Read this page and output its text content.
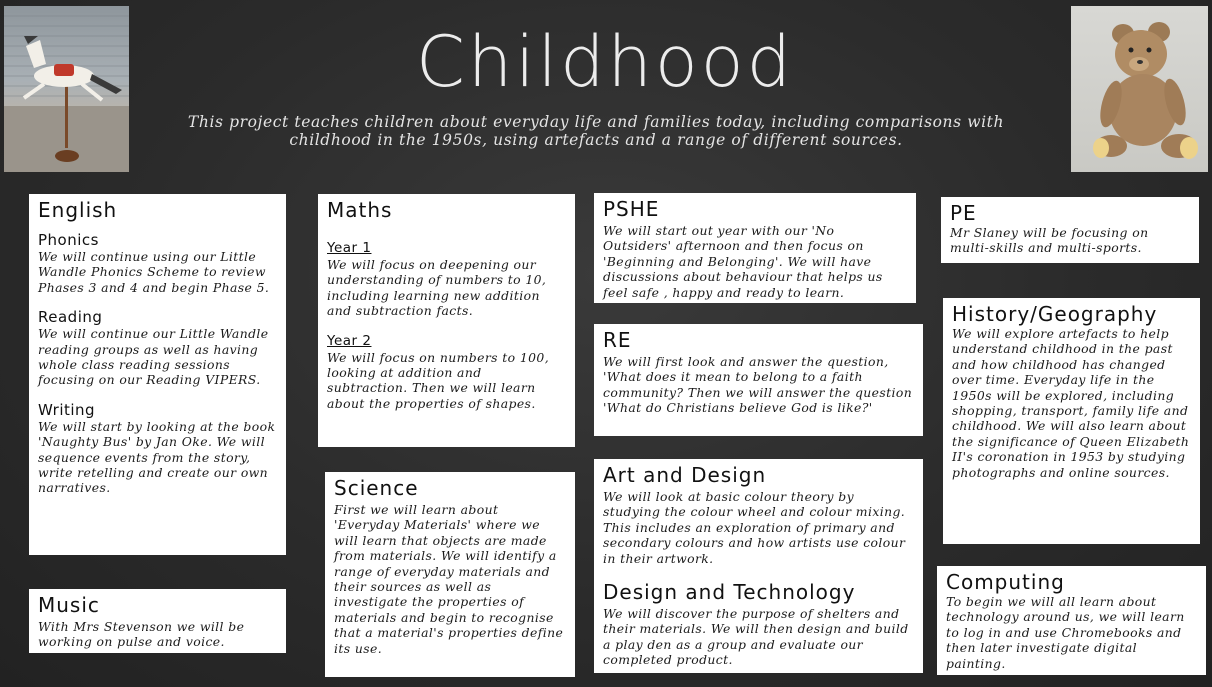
Childhood
This project teaches children about everyday life and families today, including comparisons with childhood in the 1950s, using artefacts and a range of different sources.
English
Phonics

We will continue using our Little Wandle Phonics Scheme to review Phases 3 and 4 and begin Phase 5.

Reading

We will continue our Little Wandle reading groups as well as having whole class reading sessions focusing on our Reading VIPERS.

Writing

We will start by looking at the book 'Naughty Bus' by Jan Oke. We will sequence events from the story, write retelling and create our own narratives.

Music

With Mrs Stevenson we will be working on pulse and voice.

Maths
Year 1

We will focus on deepening our understanding of numbers to 10, including learning new addition and subtraction facts.

Year 2

We will focus on numbers to 100, looking at addition and subtraction. Then we will learn about the properties of shapes.

Science

First we will learn about 'Everyday Materials' where we will learn that objects are made from materials. We will identify a range of everyday materials and their sources as well as investigate the properties of materials and begin to recognise that a material's properties define its use.

PSHE

We will start out year with our 'No Outsiders' afternoon and then focus on 'Beginning and Belonging'. We will have discussions about behaviour that helps us feel safe , happy and ready to learn.

RE

We will first look and answer the question, 'What does it mean to belong to a faith community? Then we will answer the question 'What do Christians believe God is like?'

Art and Design

We will look at basic colour theory by studying the colour wheel and colour mixing. This includes an exploration of primary and secondary colours and how artists use colour in their artwork.

Design and Technology

We will discover the purpose of shelters and their materials. We will then design and build a play den as a group and evaluate our completed product.

PE

Mr Slaney will be focusing on multi-skills and multi-sports.

History/Geography

We will explore artefacts to help understand childhood in the past and how childhood has changed over time. Everyday life in the 1950s will be explored, including shopping, transport, family life and childhood. We will also learn about the significance of Queen Elizabeth II's coronation in 1953 by studying photographs and online sources.

Computing

To begin we will all learn about technology around us, we will learn to log in and use Chromebooks and then later investigate digital painting.
